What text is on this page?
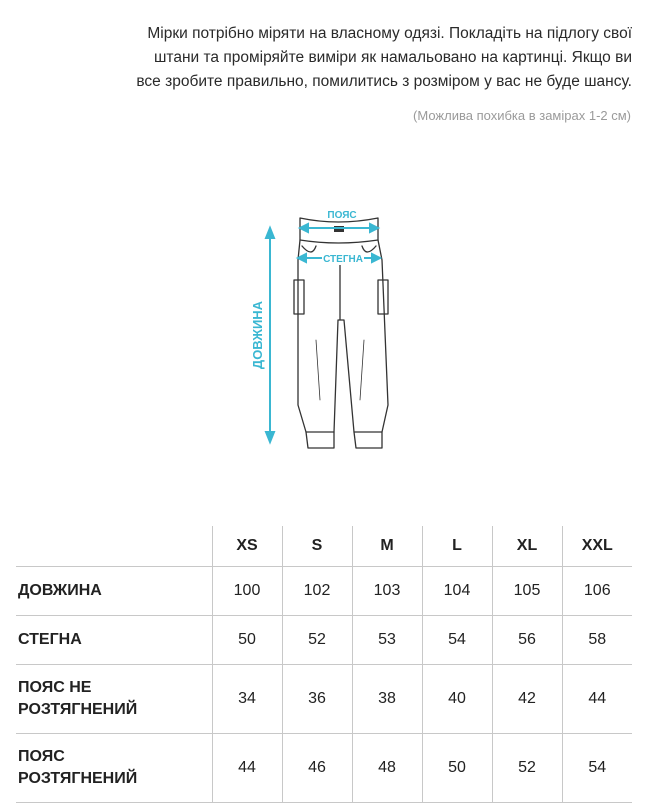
Мірки потрібно міряти на власному одязі. Покладіть на підлогу свої
штани та проміряйте виміри як намальовано на картинці. Якщо ви
все зробите правильно, помилитись з розміром у вас не буде шансу.
(Можлива похибка в замірах 1-2 см)
ПОЯС
СТЕГНА
ДОВЖИНА
	XS	S	M	L	XL	XXL
ДОВЖИНА	100	102	103	104	105	106
СТЕГНА	50	52	53	54	56	58

ПОЯС НЕ
РОЗТЯГНЕНИЙ	34	36	38	40	42	44

ПОЯС
РОЗТЯГНЕНИЙ	44	46	48	50	52	54
